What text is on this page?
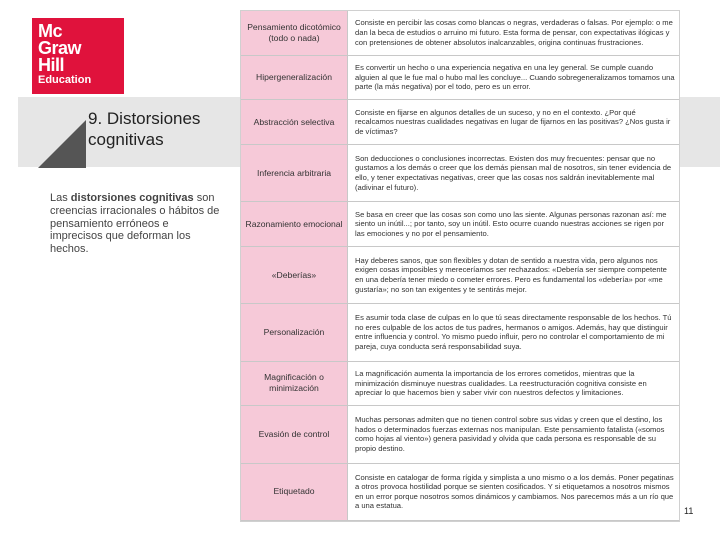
Mc
Graw
Hill
Education
9. Distorsiones cognitivas
Las distorsiones cognitivas son creencias irracionales o hábitos de pensamiento erróneos e imprecisos que deforman los hechos.
Pensamiento dicotómico (todo o nada)	Consiste en percibir las cosas como blancas o negras, verdaderas o falsas. Por ejemplo: o me dan la beca de estudios o arruino mi futuro. Esta forma de pensar, con expectativas ilógicas y con pretensiones de obtener absolutos inalcanzables, origina continuas frustraciones.
Hipergeneralización	Es convertir un hecho o una experiencia negativa en una ley general. Se cumple cuando alguien al que le fue mal o hubo mal les concluye... Cuando sobregeneralizamos tomamos una parte (la más negativa) por el todo, pero es un error.
Abstracción selectiva	Consiste en fijarse en algunos detalles de un suceso, y no en el contexto. ¿Por qué recalcamos nuestras cualidades negativas en lugar de fijarnos en las positivas? ¿Nos gusta ir de víctimas?
Inferencia arbitraria	Son deducciones o conclusiones incorrectas. Existen dos muy frecuentes: pensar que no gustamos a los demás o creer que los demás piensan mal de nosotros, sin tener evidencia de ello, y tener expectativas negativas, creer que las cosas nos saldrán inevitablemente mal (adivinar el futuro).
Razonamiento emocional	Se basa en creer que las cosas son como uno las siente. Algunas personas razonan así: me siento un inútil...; por tanto, soy un inútil. Esto ocurre cuando nuestras acciones se rigen por las emociones y no por el pensamiento.
«Deberías»	Hay deberes sanos, que son flexibles y dotan de sentido a nuestra vida, pero algunos nos exigen cosas imposibles y mereceríamos ser rechazados: «Debería ser siempre competente en una debería tener miedo o cometer errores. Pero es fundamental los «debería» por «me gustaría»; no son tan exigentes y te sentirás mejor.
Personalización	Es asumir toda clase de culpas en lo que tú seas directamente responsable de los hechos. Tú no eres culpable de los actos de tus padres, hermanos o amigos. Además, hay que distinguir entre influencia y control. Yo mismo puedo influir, pero no controlar el comportamiento de mi pareja, cuya conducta será responsabilidad suya.
Magnificación o minimización	La magnificación aumenta la importancia de los errores cometidos, mientras que la minimización disminuye nuestras cualidades. La reestructuración cognitiva consiste en apreciar lo que hacemos bien y saber vivir con nuestros defectos y limitaciones.
Evasión de control	Muchas personas admiten que no tienen control sobre sus vidas y creen que el destino, los hados o determinados fuerzas externas nos manipulan. Este pensamiento fatalista («somos como hojas al viento») genera pasividad y olvida que cada persona es responsable de su propio destino.
Etiquetado	Consiste en catalogar de forma rígida y simplista a uno mismo o a los demás. Poner pegatinas a otros provoca hostilidad porque se sienten cosificados. Y si etiquetamos a nosotros mismos en un error porque nosotros somos dinámicos y cambiamos. Nos parecemos más a un río que a una estatua.
11
